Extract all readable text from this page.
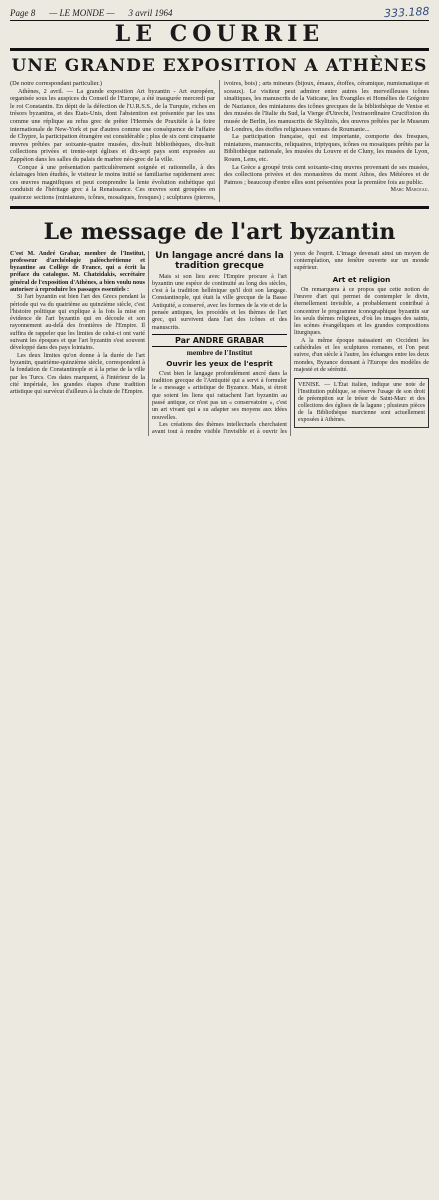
Page 8 — LE MONDE — 3 avril 1964	333.188
LE COURRIE
UNE GRANDE EXPOSITION A ATHÈNES

(De notre correspondant particulier.)

Athènes, 2 avril. — La grande exposition Art byzantin - Art européen, organisée sous les auspices du Conseil de l'Europe, a été inaugurée mercredi par le roi Constantin. En dépit de la défection de l'U.R.S.S., de la Turquie, riches en trésors byzantins, et des États-Unis, dont l'abstention est présentée par les uns comme une réplique au refus grec de prêter l'Hermès de Praxitèle à la foire internationale de New-York et par d'autres comme une conséquence de l'affaire de Chypre, la participation étrangère est considérable ; plus de six cent cinquante œuvres prêtées par soixante-quatre musées, dix-huit bibliothèques, dix-huit collections privées et trente-sept églises et dix-sept pays sont exposées au Zappéion dans les salles du palais de marbre néo-grec de la ville.

Conçue à une présentation particulièrement soignée et rationnelle, à des éclairages bien étudiés, le visiteur le moins initié se familiarise rapidement avec ces œuvres magnifiques et peut comprendre la lente évolution esthétique qui conduisit de l'héritage grec à la Renaissance. Ces œuvres sont groupées en quatorze sections (miniatures, icônes, mosaïques, fresques) ; sculptures (pierres, ivoires, bois) ; arts mineurs (bijoux, émaux, étoffes, céramique, numismatique et sceaux). Le visiteur peut admirer entre autres les merveilleuses icônes sinaïtiques, les manuscrits de la Vaticane, les Évangiles et Homélies de Grégoire de Naziance, des miniatures des icônes grecques de la bibliothèque de Venise et des musées de l'Italie du Sud, la Vierge d'Utrecht, l'extraordinaire Crucifixion du musée de Berlin, les manuscrits de Skylitzès, des œuvres prêtées par le Museum de Londres, des étoffes religieuses venues de Roumanie...

La participation française, qui est importante, comporte des fresques, miniatures, manuscrits, reliquaires, triptyques, icônes ou mosaïques prêtés par la Bibliothèque nationale, les musées du Louvre et de Cluny, les musées de Lyon, Rouen, Lens, etc.

La Grèce a groupé trois cent soixante-cinq œuvres provenant de ses musées, des collections privées et des monastères du mont Athos, des Météores et de Patmos ; beaucoup d'entre elles sont présentées pour la première fois au public.

Marc Marceau.
Le message de l'art byzantin

C'est M. André Grabar, membre de l'Institut, professeur d'archéologie paléochrétienne et byzantine au Collège de France, qui a écrit la préface du catalogue. M. Chatzidakis, secrétaire général de l'exposition d'Athènes, a bien voulu nous autoriser à reproduire les passages essentiels :

Si l'art byzantin est bien l'art des Grecs pendant la période qui va du quatrième au quinzième siècle, c'est l'histoire politique qui explique à la fois la mise en évidence de l'art byzantin qui en découle et son rayonnement au-delà des frontières de l'Empire. Il suffira de rappeler que les limites de celui-ci ont varié suivant les époques et que l'art byzantin s'est souvent développé dans des pays lointains.

Les deux limites qu'on donne à la durée de l'art byzantin, quatrième-quinzième siècle, correspondent à la fondation de Constantinople et à la prise de la ville par les Turcs. Ces dates marquent, à l'intérieur de la cité impériale, les grandes étapes d'une tradition artistique qui survécut d'ailleurs à la chute de l'Empire.

Un langage ancré dans la tradition grecque

Mais si son lieu avec l'Empire procure à l'art byzantin une espèce de continuité au long des siècles, c'est à la tradition hellénique qu'il doit son langage. Constantinople, qui était la ville grecque de la Basse Antiquité, a conservé, avec les formes de la vie et de la pensée antiques, les procédés et les thèmes de l'art grec, qui survivent dans l'art des icônes et des manuscrits.

Par ANDRE GRABAR
membre de l'Institut
Ouvrir les yeux de l'esprit

C'est bien le langage profondément ancré dans la tradition grecque de l'Antiquité qui a servi à formuler le « message » artistique de Byzance. Mais, si étroit que soient les liens qui rattachent l'art byzantin au passé antique, ce n'est pas un « conservatoire », c'est un art vivant qui a su adapter ses moyens aux idées nouvelles.

Les créations des thèmes intellectuels cherchaient avant tout à rendre visible l'invisible et à ouvrir les yeux de l'esprit. L'image devenait ainsi un moyen de contemplation, une fenêtre ouverte sur un monde supérieur.

Art et religion

On remarquera à ce propos que cette notion de l'œuvre d'art qui permet de contempler le divin, éternellement invisible, a probablement contribué à concentrer le programme iconographique byzantin sur les seuls thèmes religieux, d'où les images des saints, les scènes évangéliques et les grandes compositions liturgiques.

A la même époque naissaient en Occident les cathédrales et les sculptures romanes, et l'on peut suivre, d'un siècle à l'autre, les échanges entre les deux mondes, Byzance donnant à l'Europe des modèles de majesté et de sérénité.

VENISE. — L'État italien, indique une note de l'Institution publique, se réserve l'usage de son droit de préemption sur le trésor de Saint-Marc et des collections des églises de la lagune ; plusieurs pièces de la Bibliothèque marcienne sont actuellement exposées à Athènes.
